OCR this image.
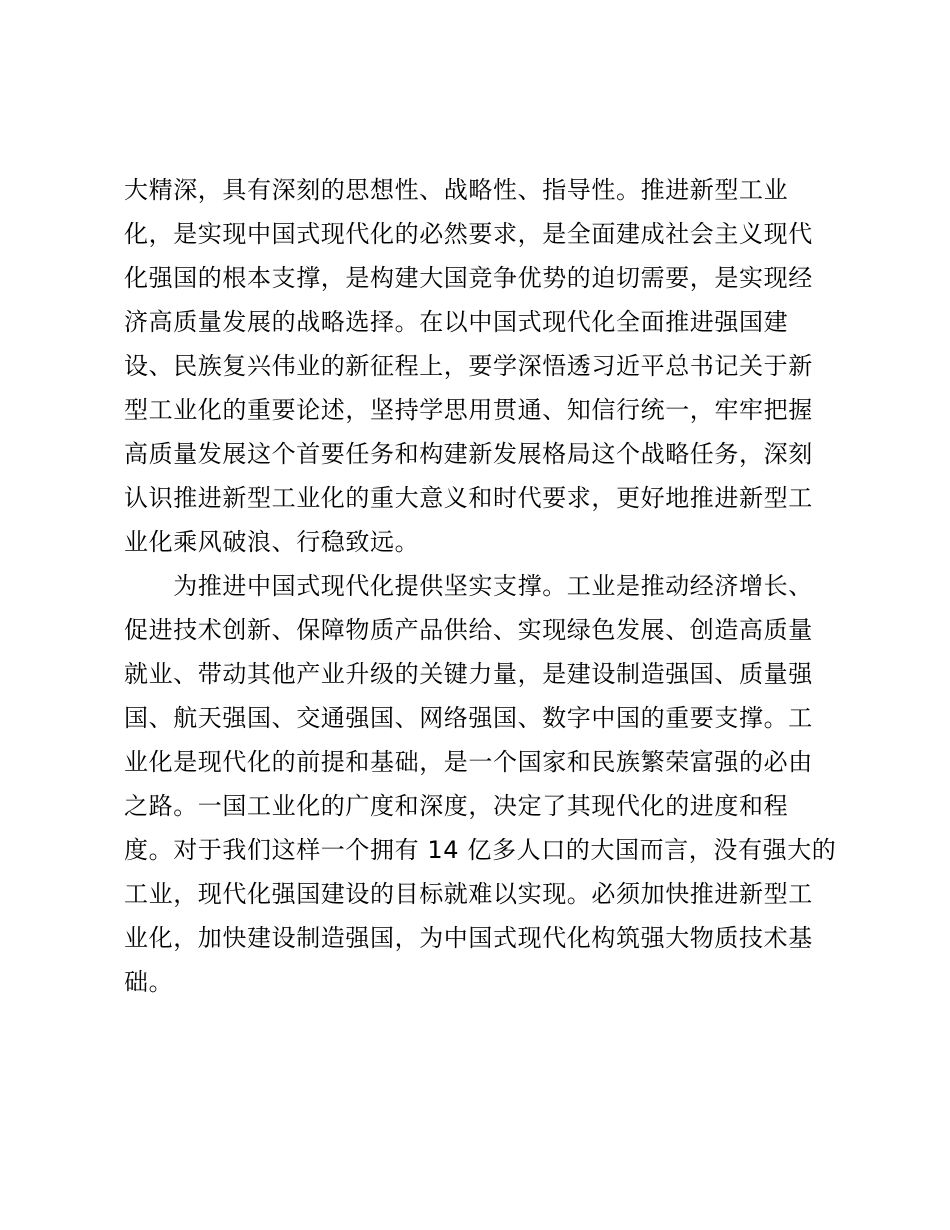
大精深，具有深刻的思想性、战略性、指导性。推进新型工业
化，是实现中国式现代化的必然要求，是全面建成社会主义现代
化强国的根本支撑，是构建大国竞争优势的迫切需要，是实现经
济高质量发展的战略选择。在以中国式现代化全面推进强国建
设、民族复兴伟业的新征程上，要学深悟透习近平总书记关于新
型工业化的重要论述，坚持学思用贯通、知信行统一，牢牢把握
高质量发展这个首要任务和构建新发展格局这个战略任务，深刻
认识推进新型工业化的重大意义和时代要求，更好地推进新型工
业化乘风破浪、行稳致远。
　　为推进中国式现代化提供坚实支撑。工业是推动经济增长、
促进技术创新、保障物质产品供给、实现绿色发展、创造高质量
就业、带动其他产业升级的关键力量，是建设制造强国、质量强
国、航天强国、交通强国、网络强国、数字中国的重要支撑。工
业化是现代化的前提和基础，是一个国家和民族繁荣富强的必由
之路。一国工业化的广度和深度，决定了其现代化的进度和程
度。对于我们这样一个拥有 14 亿多人口的大国而言，没有强大的
工业，现代化强国建设的目标就难以实现。必须加快推进新型工
业化，加快建设制造强国，为中国式现代化构筑强大物质技术基
础。
